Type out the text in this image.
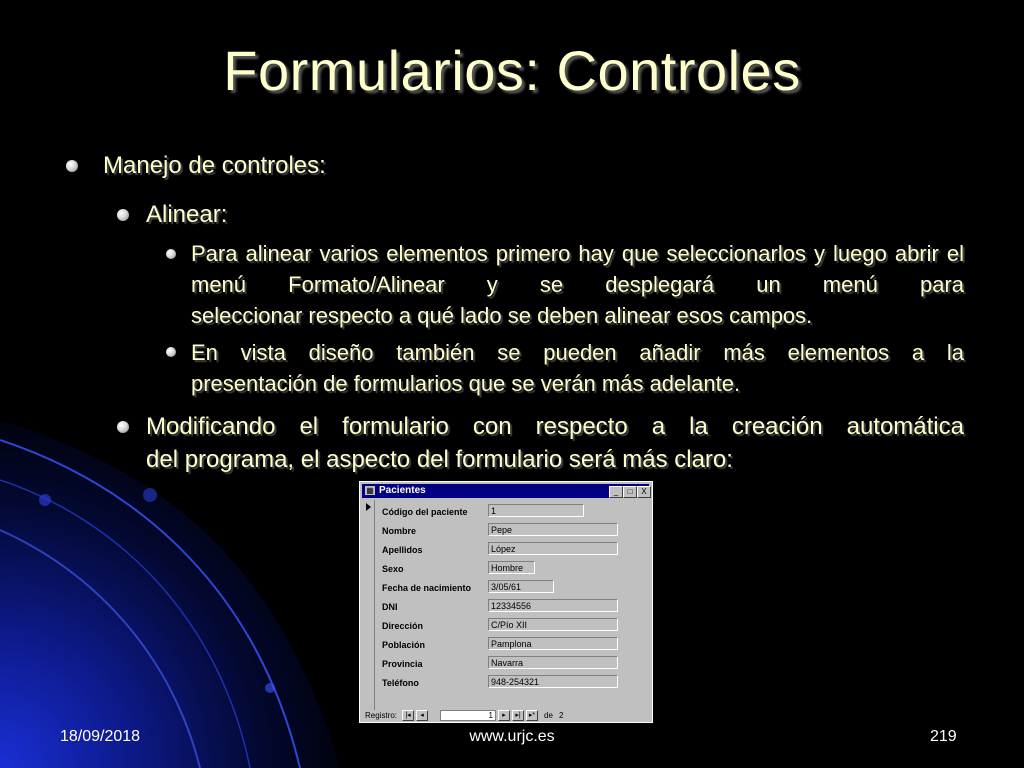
Formularios: Controles
Manejo de controles:
Alinear:
Para alinear varios elementos primero hay que seleccionarlos y luego abrir el menú Formato/Alinear y se desplegará un menú para
seleccionar respecto a qué lado se deben alinear esos campos.
En vista diseño también se pueden añadir más elementos a la
presentación de formularios que se verán más adelante.
Modificando el formulario con respecto a la creación automática
del programa, el aspecto del formulario será más claro:
▦ Pacientes	_	□	X
Código del paciente	1
Nombre	Pepe
Apellidos	López
Sexo	Hombre
Fecha de nacimiento	3/05/61
DNI	12334556
Dirección	C/Pío XII
Población	Pamplona
Provincia	Navarra
Teléfono	948-254321
Registro:	|◂	◂	1	▸	▸|	▸*	de 2
18/09/2018	www.urjc.es	219
